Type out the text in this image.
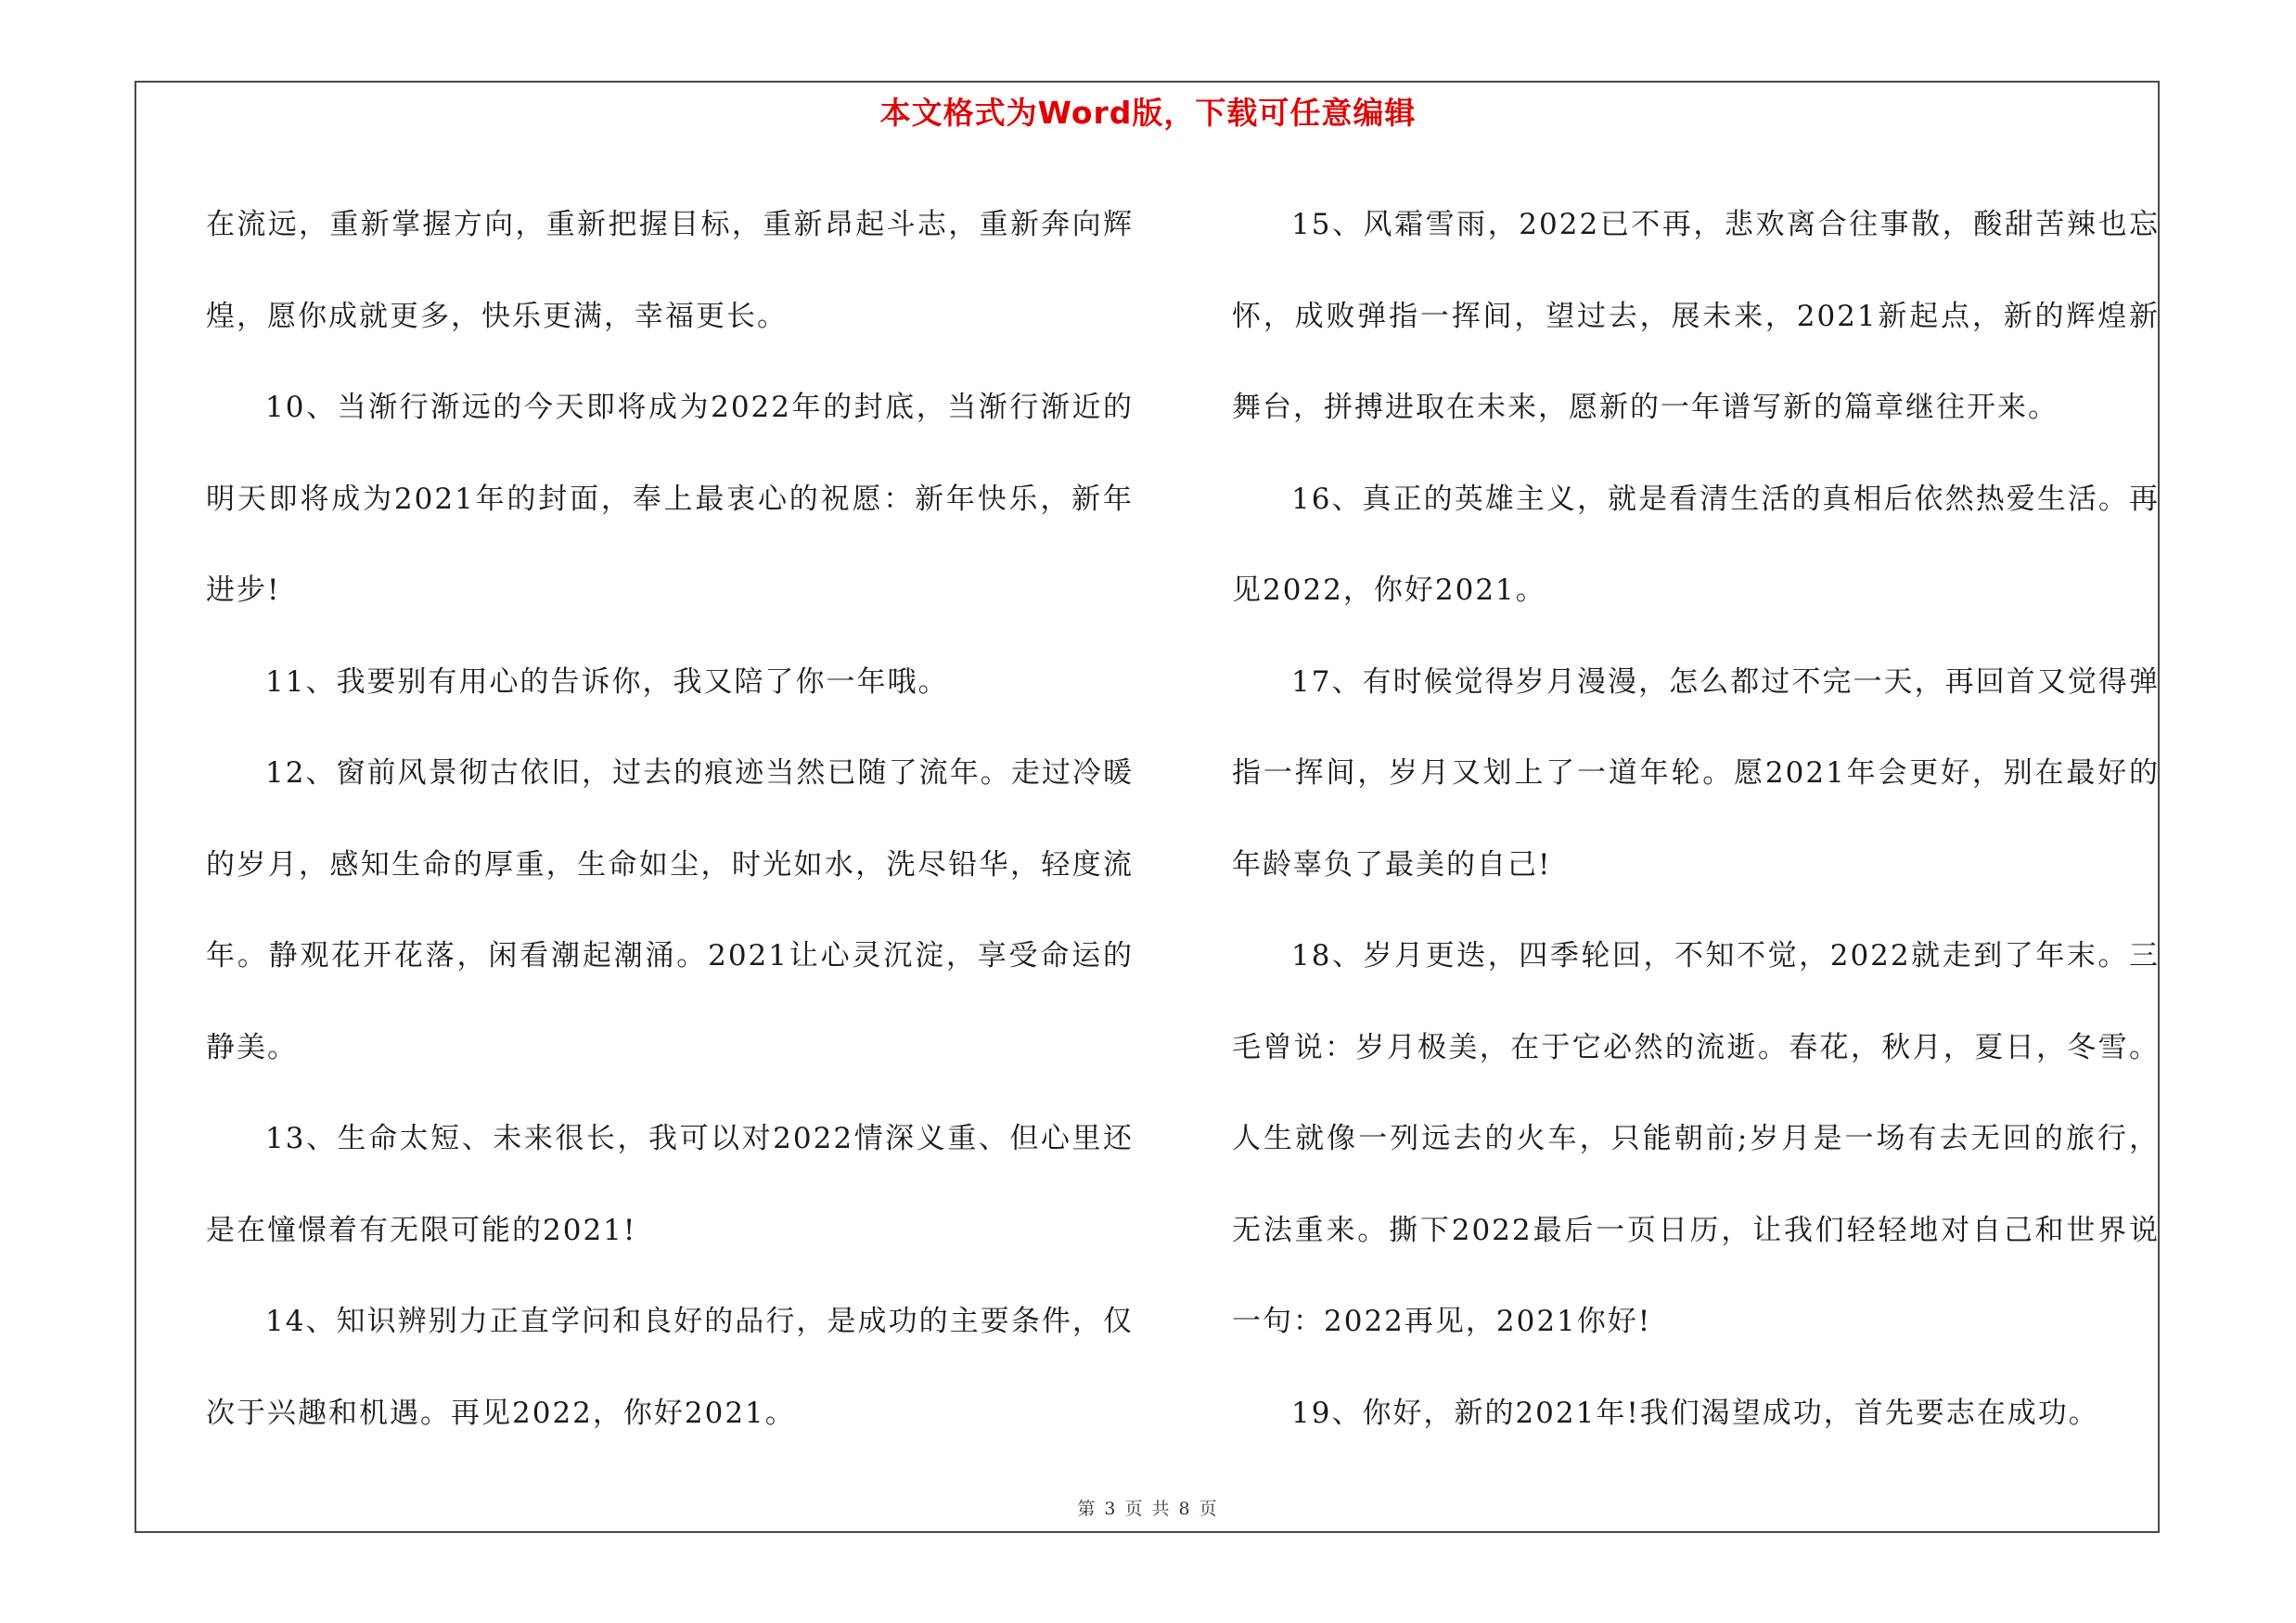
本文格式为Word版，下载可任意编辑

在流远，重新掌握方向，重新把握目标，重新昂起斗志，重新奔向辉煌，愿你成就更多，快乐更满，幸福更长。

10、当渐行渐远的今天即将成为2022年的封底，当渐行渐近的明天即将成为2021年的封面，奉上最衷心的祝愿：新年快乐，新年进步!

11、我要别有用心的告诉你，我又陪了你一年哦。

12、窗前风景彻古依旧，过去的痕迹当然已随了流年。走过冷暖的岁月，感知生命的厚重，生命如尘，时光如水，洗尽铅华，轻度流年。静观花开花落，闲看潮起潮涌。2021让心灵沉淀，享受命运的静美。

13、生命太短、未来很长，我可以对2022情深义重、但心里还是在憧憬着有无限可能的2021!

14、知识辨别力正直学问和良好的品行，是成功的主要条件，仅次于兴趣和机遇。再见2022，你好2021。

15、风霜雪雨，2022已不再，悲欢离合往事散，酸甜苦辣也忘怀，成败弹指一挥间，望过去，展未来，2021新起点，新的辉煌新舞台，拼搏进取在未来，愿新的一年谱写新的篇章继往开来。

16、真正的英雄主义，就是看清生活的真相后依然热爱生活。再见2022，你好2021。

17、有时候觉得岁月漫漫，怎么都过不完一天，再回首又觉得弹指一挥间，岁月又划上了一道年轮。愿2021年会更好，别在最好的年龄辜负了最美的自己!

18、岁月更迭，四季轮回，不知不觉，2022就走到了年末。三毛曾说：岁月极美，在于它必然的流逝。春花，秋月，夏日，冬雪。人生就像一列远去的火车，只能朝前;岁月是一场有去无回的旅行，无法重来。撕下2022最后一页日历，让我们轻轻地对自己和世界说一句：2022再见，2021你好!

19、你好，新的2021年!我们渴望成功，首先要志在成功。

第 3 页 共 8 页
